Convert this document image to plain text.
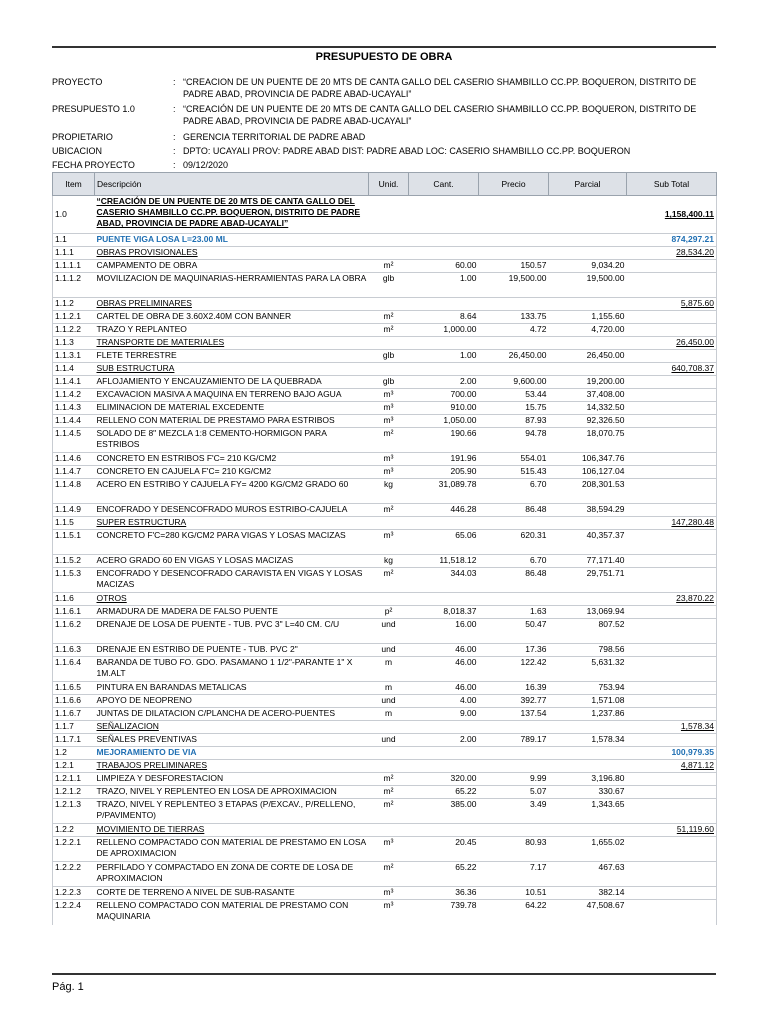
PRESUPUESTO DE OBRA
PROYECTO	: “CREACION DE UN PUENTE DE 20 MTS DE CANTA GALLO DEL CASERIO SHAMBILLO CC.PP. BOQUERON, DISTRITO DE PADRE ABAD, PROVINCIA DE PADRE ABAD-UCAYALI”
PRESUPUESTO 1.0	: “CREACIÓN DE UN PUENTE DE 20 MTS DE CANTA GALLO DEL CASERIO SHAMBILLO CC.PP. BOQUERON, DISTRITO DE PADRE ABAD, PROVINCIA DE PADRE ABAD-UCAYALI”
PROPIETARIO	: GERENCIA TERRITORIAL DE PADRE ABAD
UBICACION	: DPTO: UCAYALI PROV: PADRE ABAD DIST: PADRE ABAD LOC: CASERIO SHAMBILLO CC.PP. BOQUERON
FECHA PROYECTO	: 09/12/2020
Item	Descripción	Unid.	Cant.	Precio	Parcial	Sub Total
1.0	“CREACIÓN DE UN PUENTE DE 20 MTS DE CANTA GALLO DEL CASERIO SHAMBILLO CC.PP. BOQUERON, DISTRITO DE PADRE ABAD, PROVINCIA DE PADRE ABAD-UCAYALI”					1,158,400.11
1.1	PUENTE VIGA LOSA L=23.00 ML					874,297.21
1.1.1	OBRAS PROVISIONALES					28,534.20
1.1.1.1	CAMPAMENTO DE OBRA	m²	60.00	150.57	9,034.20	
1.1.1.2	MOVILIZACION DE MAQUINARIAS-HERRAMIENTAS PARA LA OBRA	glb	1.00	19,500.00	19,500.00	
1.1.2	OBRAS PRELIMINARES					5,875.60
1.1.2.1	CARTEL DE OBRA DE 3.60X2.40M CON BANNER	m²	8.64	133.75	1,155.60	
1.1.2.2	TRAZO Y REPLANTEO	m²	1,000.00	4.72	4,720.00	
1.1.3	TRANSPORTE DE MATERIALES					26,450.00
1.1.3.1	FLETE TERRESTRE	glb	1.00	26,450.00	26,450.00	
1.1.4	SUB ESTRUCTURA					640,708.37
1.1.4.1	AFLOJAMIENTO Y ENCAUZAMIENTO DE LA QUEBRADA	glb	2.00	9,600.00	19,200.00	
1.1.4.2	EXCAVACION MASIVA A MAQUINA EN TERRENO BAJO AGUA	m³	700.00	53.44	37,408.00	
1.1.4.3	ELIMINACION DE MATERIAL EXCEDENTE	m³	910.00	15.75	14,332.50	
1.1.4.4	RELLENO CON MATERIAL DE PRESTAMO PARA ESTRIBOS	m³	1,050.00	87.93	92,326.50	
1.1.4.5	SOLADO DE 8" MEZCLA 1:8 CEMENTO-HORMIGON PARA ESTRIBOS	m²	190.66	94.78	18,070.75	
1.1.4.6	CONCRETO EN ESTRIBOS F'C= 210 KG/CM2	m³	191.96	554.01	106,347.76	
1.1.4.7	CONCRETO EN CAJUELA F'C= 210 KG/CM2	m³	205.90	515.43	106,127.04	
1.1.4.8	ACERO EN ESTRIBO Y CAJUELA FY= 4200 KG/CM2 GRADO 60	kg	31,089.78	6.70	208,301.53	
1.1.4.9	ENCOFRADO Y DESENCOFRADO MUROS ESTRIBO-CAJUELA	m²	446.28	86.48	38,594.29	
1.1.5	SUPER ESTRUCTURA					147,280.48
1.1.5.1	CONCRETO F'C=280 KG/CM2 PARA VIGAS Y LOSAS MACIZAS	m³	65.06	620.31	40,357.37	
1.1.5.2	ACERO GRADO 60 EN VIGAS Y LOSAS MACIZAS	kg	11,518.12	6.70	77,171.40	
1.1.5.3	ENCOFRADO Y DESENCOFRADO CARAVISTA EN VIGAS Y LOSAS MACIZAS	m²	344.03	86.48	29,751.71	
1.1.6	OTROS					23,870.22
1.1.6.1	ARMADURA DE MADERA DE FALSO PUENTE	p²	8,018.37	1.63	13,069.94	
1.1.6.2	DRENAJE DE LOSA DE PUENTE - TUB. PVC 3" L=40 CM. C/U	und	16.00	50.47	807.52	
1.1.6.3	DRENAJE EN ESTRIBO DE PUENTE - TUB. PVC 2"	und	46.00	17.36	798.56	
1.1.6.4	BARANDA DE TUBO FO. GDO. PASAMANO 1 1/2"-PARANTE 1" X 1M.ALT	m	46.00	122.42	5,631.32	
1.1.6.5	PINTURA EN BARANDAS METALICAS	m	46.00	16.39	753.94	
1.1.6.6	APOYO DE NEOPRENO	und	4.00	392.77	1,571.08	
1.1.6.7	JUNTAS DE DILATACION C/PLANCHA DE ACERO-PUENTES	m	9.00	137.54	1,237.86	
1.1.7	SEÑALIZACION					1,578.34
1.1.7.1	SEÑALES PREVENTIVAS	und	2.00	789.17	1,578.34	
1.2	MEJORAMIENTO DE VIA					100,979.35
1.2.1	TRABAJOS PRELIMINARES					4,871.12
1.2.1.1	LIMPIEZA Y DESFORESTACION	m²	320.00	9.99	3,196.80	
1.2.1.2	TRAZO, NIVEL Y REPLENTEO EN LOSA DE APROXIMACION	m²	65.22	5.07	330.67	
1.2.1.3	TRAZO, NIVEL Y REPLENTEO 3 ETAPAS (P/EXCAV., P/RELLENO, P/PAVIMENTO)	m²	385.00	3.49	1,343.65	
1.2.2	MOVIMIENTO DE TIERRAS					51,119.60
1.2.2.1	RELLENO COMPACTADO CON MATERIAL DE PRESTAMO EN LOSA DE APROXIMACION	m³	20.45	80.93	1,655.02	
1.2.2.2	PERFILADO Y COMPACTADO EN ZONA DE CORTE DE LOSA DE APROXIMACION	m²	65.22	7.17	467.63	
1.2.2.3	CORTE DE TERRENO A NIVEL DE SUB-RASANTE	m³	36.36	10.51	382.14	
1.2.2.4	RELLENO COMPACTADO CON MATERIAL DE PRESTAMO CON MAQUINARIA	m³	739.78	64.22	47,508.67	
Pág. 1
